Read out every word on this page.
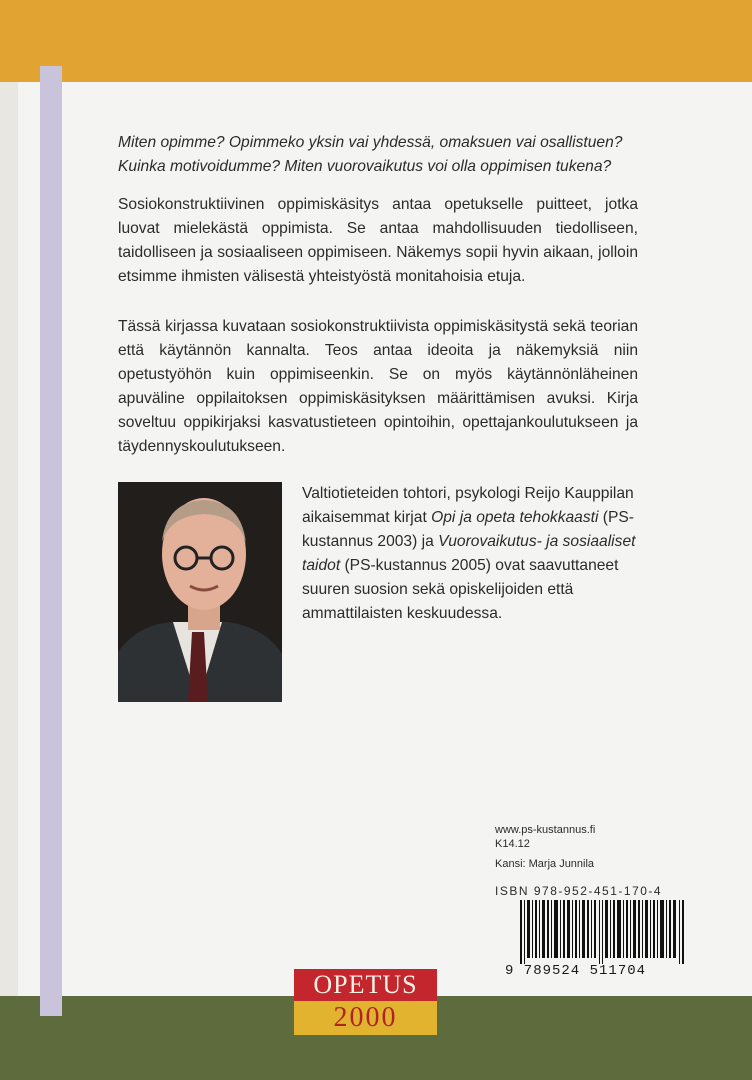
Miten opimme? Opimmeko yksin vai yhdessä, omaksuen vai osallistuen?

Kuinka motivoidumme? Miten vuorovaikutus voi olla oppimisen tukena?

Sosiokonstruktiivinen oppimiskäsitys antaa opetukselle puitteet, jotka luovat mielekästä oppimista. Se antaa mahdollisuuden tiedolliseen, taidolliseen ja sosiaaliseen oppimiseen. Näkemys sopii hyvin aikaan, jolloin etsimme ihmisten välisestä yhteistyöstä monitahoisia etuja.

Tässä kirjassa kuvataan sosiokonstruktiivista oppimiskäsitystä sekä teorian että käytännön kannalta. Teos antaa ideoita ja näkemyksiä niin opetustyöhön kuin oppimiseenkin. Se on myös käytännönläheinen apuväline oppilaitoksen oppimiskäsityksen määrittämisen avuksi. Kirja soveltuu oppikirjaksi kasvatustieteen opintoihin, opettajankoulutukseen ja täydennyskoulutukseen.

Valtiotieteiden tohtori, psykologi Reijo Kauppilan aikaisemmat kirjat Opi ja opeta tehokkaasti (PS-kustannus 2003) ja Vuorovaikutus- ja sosiaaliset taidot (PS-kustannus 2005) ovat saavuttaneet suuren suosion sekä opiskelijoiden että ammattilaisten keskuudessa.

www.ps-kustannus.fi
K14.12
Kansi: Marja Junnila
ISBN 978-952-451-170-4
9 789524 511704
OPETUS
2000
